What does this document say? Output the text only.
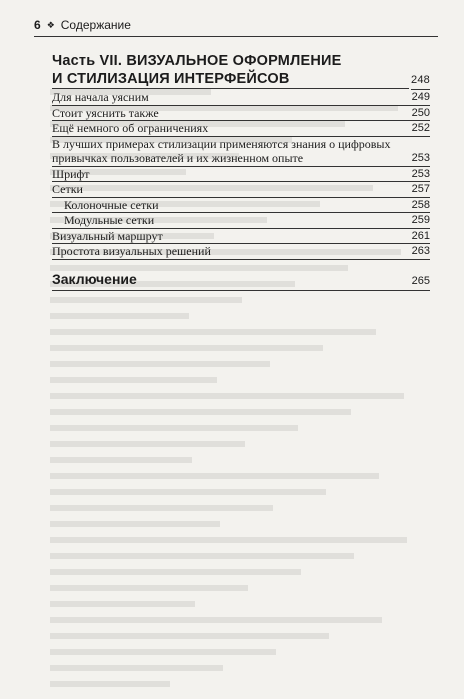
6 ❖ Содержание
Часть VII. ВИЗУАЛЬНОЕ ОФОРМЛЕНИЕ
И СТИЛИЗАЦИЯ ИНТЕРФЕЙСОВ	248
Для начала уясним	249
Стоит уяснить также	250
Ещё немного об ограничениях	252
В лучших примерах стилизации применяются знания о цифровых привычках пользователей и их жизненном опыте	253
Шрифт	253
Сетки	257
Колоночные сетки	258
Модульные сетки	259
Визуальный маршрут	261
Простота визуальных решений	263
Заключение	265
